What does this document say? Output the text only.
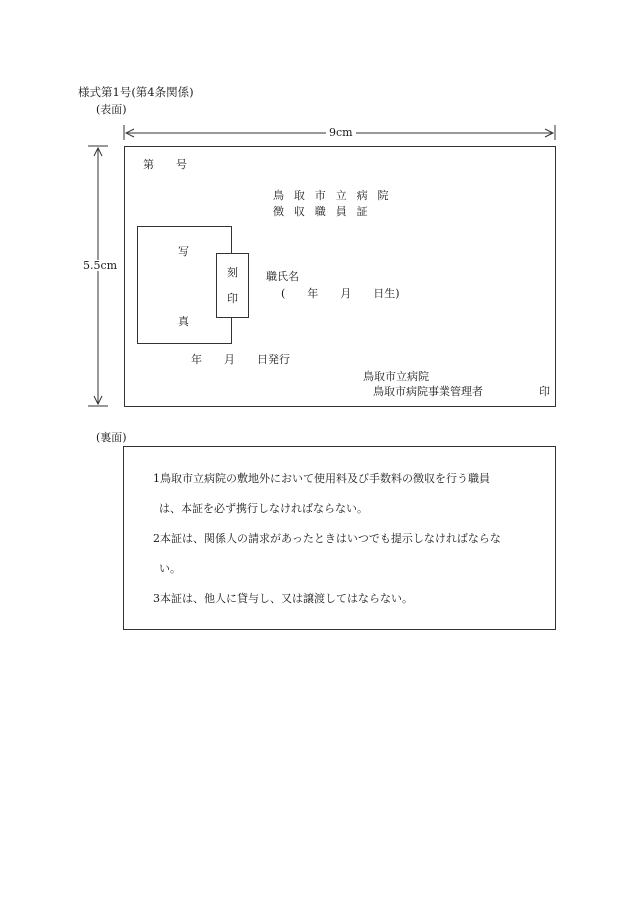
様式第1号(第4条関係)
(表面)
9cm
5.5cm
第　　号
鳥取市立病院
徴収職員証
写
真
刻
印
職氏名
(　　年　　月　　日生)
年　　月　　日発行
鳥取市立病院
鳥取市病院事業管理者	印
(裏面)
1鳥取市立病院の敷地外において使用料及び手数料の徴収を行う職員
は、本証を必ず携行しなければならない。
2本証は、関係人の請求があったときはいつでも提示しなければならな
い。
3本証は、他人に貸与し、又は譲渡してはならない。
